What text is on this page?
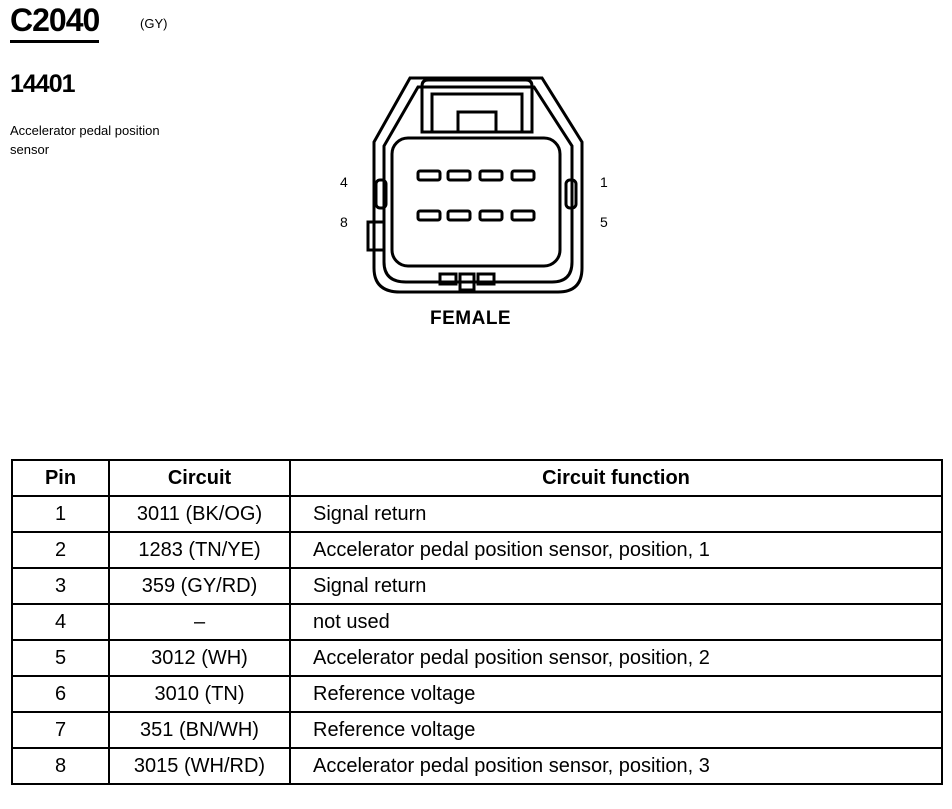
C2040	(GY)
14401
Accelerator pedal position sensor
4
8
1
5
FEMALE
Pin	Circuit	Circuit function
1	3011 (BK/OG)	Signal return
2	1283 (TN/YE)	Accelerator pedal position sensor, position, 1
3	359 (GY/RD)	Signal return
4	–	not used
5	3012 (WH)	Accelerator pedal position sensor, position, 2
6	3010 (TN)	Reference voltage
7	351 (BN/WH)	Reference voltage
8	3015 (WH/RD)	Accelerator pedal position sensor, position, 3
